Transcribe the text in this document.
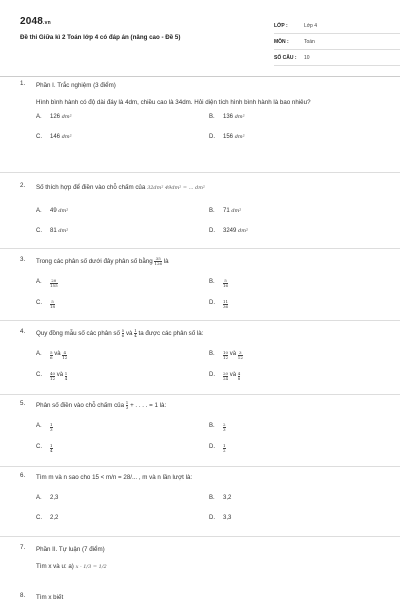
2048.vn
Đề thi Giữa kì 2 Toán lớp 4 có đáp án (nâng cao - Đề 5)
LỚP :	Lớp 4
MÔN :	Toán
SỐ CÂU :	10
1.	Phần I. Trắc nghiệm (3 điểm)
Hình bình hành có độ dài đáy là 4dm, chiều cao là 34dm. Hỏi diện tích hình bình hành là bao nhiêu?
A.	126 dm²	B.	136 dm²
C.	146 dm²	D.	156 dm²
2.	Số thích hợp để điền vào chỗ chấm của 32dm² 49dm² = ... dm²
A.	49 dm²	B.	71 dm²
C.	81 dm²	D.	3249 dm²
3.	Trong các phân số dưới đây phân số bằng $\frac{35}{126}$ là
A.	20
155
B.	5
16
C.	5
18
D.	11
36
4.	Quy đồng mẫu số các phân số $\frac{5}{6}$ và $\frac{1}{4}$ ta được các phân số là:
A.	5
6

và
4
12
B.	10
12

và
3
12
C.	40
12

và
1
4
D.	20
24

và
4
8
5.	Phân số điền vào chỗ chấm của $\frac{1}{3}$ + . . . . = 1 là:
A.	1
3
B.	2
3
C.	1
4
D.	1
2
6.	Tìm m và n sao cho 15 < m/n = 28/... , m và n lần lượt là:
A.	2,3	B.	3,2
C.	2,2	D.	3,3
7.	Phần II. Tự luận (7 điểm)
Tìm x và u: a) x - 1/3 = 1/2
8.	Tìm x biết
